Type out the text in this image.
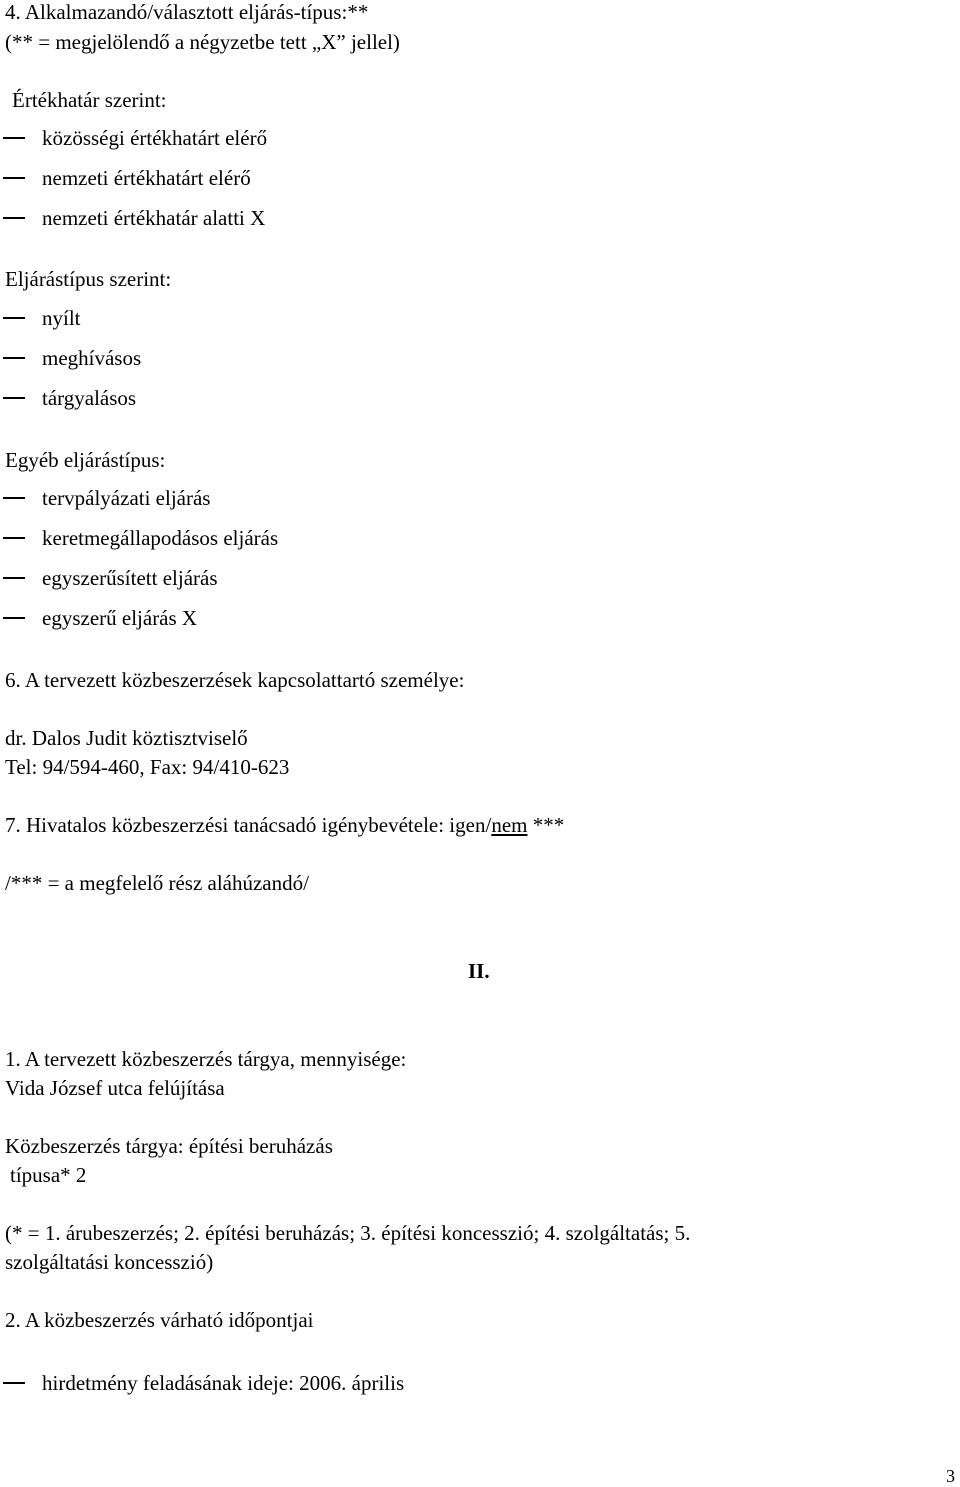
4. Alkalmazandó/választott eljárás-típus:**
(** = megjelölendő a négyzetbe tett „X” jellel)
Értékhatár szerint:
közösségi értékhatárt elérő
nemzeti értékhatárt elérő
nemzeti értékhatár alatti X
Eljárástípus szerint:
nyílt
meghívásos
tárgyalásos
Egyéb eljárástípus:
tervpályázati eljárás
keretmegállapodásos eljárás
egyszerűsített eljárás
egyszerű eljárás X
6. A tervezett közbeszerzések kapcsolattartó személye:
dr. Dalos Judit köztisztviselő
Tel: 94/594-460, Fax: 94/410-623
7. Hivatalos közbeszerzési tanácsadó igénybevétele: igen/nem ***
/*** = a megfelelő rész aláhúzandó/
II.
1. A tervezett közbeszerzés tárgya, mennyisége:
Vida József utca felújítása
Közbeszerzés tárgya: építési beruházás
típusa* 2
(* = 1. árubeszerzés; 2. építési beruházás; 3. építési koncesszió; 4. szolgáltatás; 5.
szolgáltatási koncesszió)
2. A közbeszerzés várható időpontjai
hirdetmény feladásának ideje: 2006. április
3
